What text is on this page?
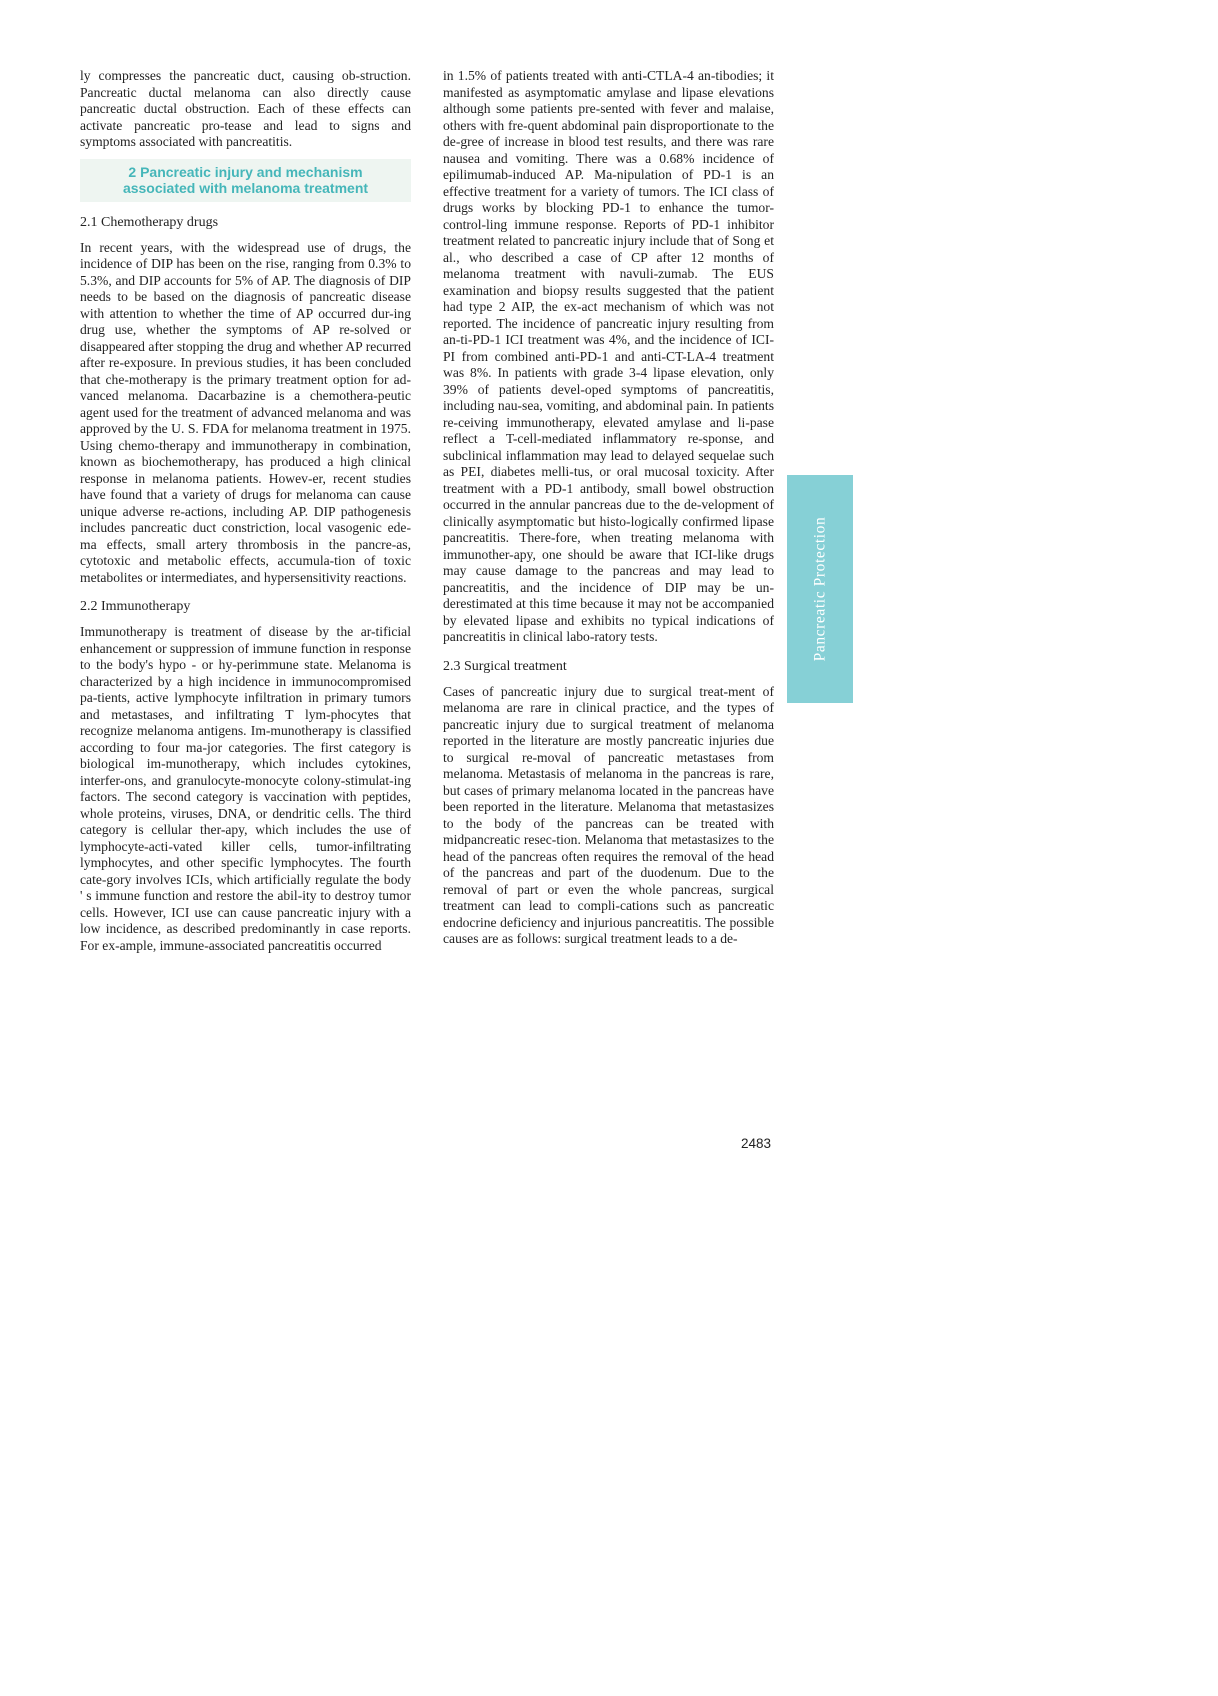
ly compresses the pancreatic duct, causing ob-struction. Pancreatic ductal melanoma can also directly cause pancreatic ductal obstruction. Each of these effects can activate pancreatic pro-tease and lead to signs and symptoms associated with pancreatitis.

2 Pancreatic injury and mechanism
associated with melanoma treatment
2.1 Chemotherapy drugs

In recent years, with the widespread use of drugs, the incidence of DIP has been on the rise, ranging from 0.3% to 5.3%, and DIP accounts for 5% of AP. The diagnosis of DIP needs to be based on the diagnosis of pancreatic disease with attention to whether the time of AP occurred dur-ing drug use, whether the symptoms of AP re-solved or disappeared after stopping the drug and whether AP recurred after re-exposure. In previous studies, it has been concluded that che-motherapy is the primary treatment option for ad-vanced melanoma. Dacarbazine is a chemothera-peutic agent used for the treatment of advanced melanoma and was approved by the U. S. FDA for melanoma treatment in 1975. Using chemo-therapy and immunotherapy in combination, known as biochemotherapy, has produced a high clinical response in melanoma patients. Howev-er, recent studies have found that a variety of drugs for melanoma can cause unique adverse re-actions, including AP. DIP pathogenesis includes pancreatic duct constriction, local vasogenic ede-ma effects, small artery thrombosis in the pancre-as, cytotoxic and metabolic effects, accumula-tion of toxic metabolites or intermediates, and hypersensitivity reactions.

2.2 Immunotherapy

Immunotherapy is treatment of disease by the ar-tificial enhancement or suppression of immune function in response to the body's hypo - or hy-perimmune state. Melanoma is characterized by a high incidence in immunocompromised pa-tients, active lymphocyte infiltration in primary tumors and metastases, and infiltrating T lym-phocytes that recognize melanoma antigens. Im-munotherapy is classified according to four ma-jor categories. The first category is biological im-munotherapy, which includes cytokines, interfer-ons, and granulocyte-monocyte colony-stimulat-ing factors. The second category is vaccination with peptides, whole proteins, viruses, DNA, or dendritic cells. The third category is cellular ther-apy, which includes the use of lymphocyte-acti-vated killer cells, tumor-infiltrating lymphocytes, and other specific lymphocytes. The fourth cate-gory involves ICIs, which artificially regulate the body ' s immune function and restore the abil-ity to destroy tumor cells. However, ICI use can cause pancreatic injury with a low incidence, as described predominantly in case reports. For ex-ample, immune-associated pancreatitis occurred

in 1.5% of patients treated with anti-CTLA-4 an-tibodies; it manifested as asymptomatic amylase and lipase elevations although some patients pre-sented with fever and malaise, others with fre-quent abdominal pain disproportionate to the de-gree of increase in blood test results, and there was rare nausea and vomiting. There was a 0.68% incidence of epilimumab-induced AP. Ma-nipulation of PD-1 is an effective treatment for a variety of tumors. The ICI class of drugs works by blocking PD-1 to enhance the tumor-control-ling immune response. Reports of PD-1 inhibitor treatment related to pancreatic injury include that of Song et al., who described a case of CP after 12 months of melanoma treatment with navuli-zumab. The EUS examination and biopsy results suggested that the patient had type 2 AIP, the ex-act mechanism of which was not reported. The incidence of pancreatic injury resulting from an-ti-PD-1 ICI treatment was 4%, and the incidence of ICI-PI from combined anti-PD-1 and anti-CT-LA-4 treatment was 8%. In patients with grade 3-4 lipase elevation, only 39% of patients devel-oped symptoms of pancreatitis, including nau-sea, vomiting, and abdominal pain. In patients re-ceiving immunotherapy, elevated amylase and li-pase reflect a T-cell-mediated inflammatory re-sponse, and subclinical inflammation may lead to delayed sequelae such as PEI, diabetes melli-tus, or oral mucosal toxicity. After treatment with a PD-1 antibody, small bowel obstruction occurred in the annular pancreas due to the de-velopment of clinically asymptomatic but histo-logically confirmed lipase pancreatitis. There-fore, when treating melanoma with immunother-apy, one should be aware that ICI-like drugs may cause damage to the pancreas and may lead to pancreatitis, and the incidence of DIP may be un-derestimated at this time because it may not be accompanied by elevated lipase and exhibits no typical indications of pancreatitis in clinical labo-ratory tests.

2.3 Surgical treatment

Cases of pancreatic injury due to surgical treat-ment of melanoma are rare in clinical practice, and the types of pancreatic injury due to surgical treatment of melanoma reported in the literature are mostly pancreatic injuries due to surgical re-moval of pancreatic metastases from melanoma. Metastasis of melanoma in the pancreas is rare, but cases of primary melanoma located in the pancreas have been reported in the literature. Melanoma that metastasizes to the body of the pancreas can be treated with midpancreatic resec-tion. Melanoma that metastasizes to the head of the pancreas often requires the removal of the head of the pancreas and part of the duodenum. Due to the removal of part or even the whole pancreas, surgical treatment can lead to compli-cations such as pancreatic endocrine deficiency and injurious pancreatitis. The possible causes are as follows: surgical treatment leads to a de-

Pancreatic Protection
2483
